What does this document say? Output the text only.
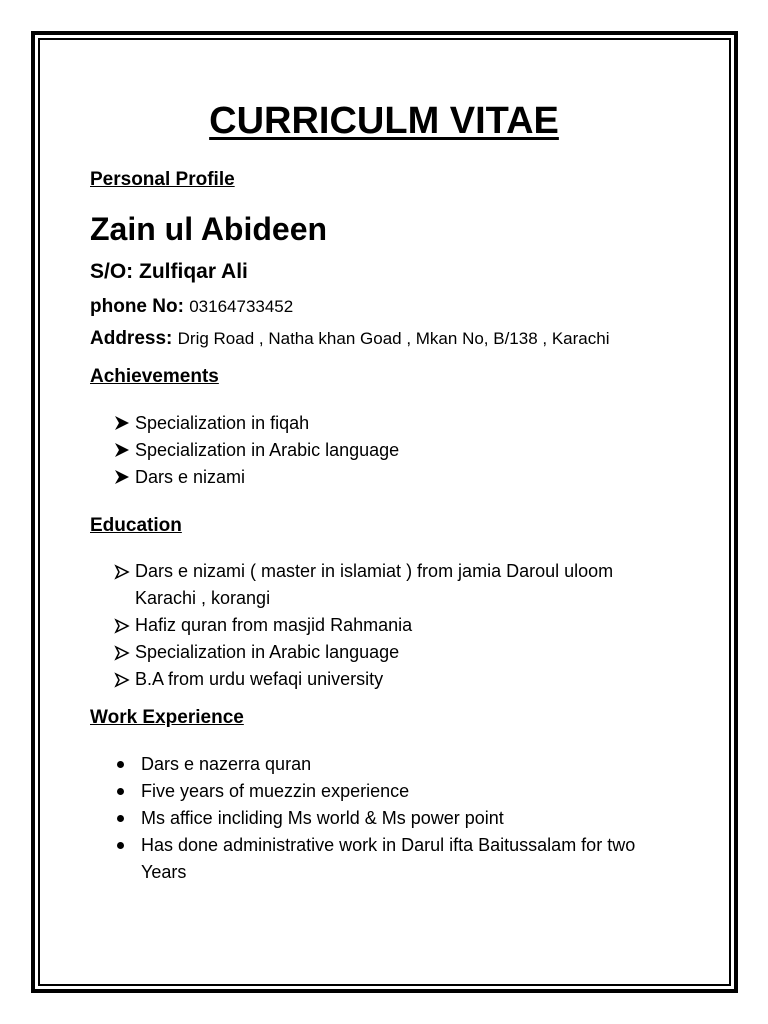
CURRICULM VITAE
Personal Profile
Zain ul Abideen
S/O: Zulfiqar Ali
phone No: 03164733452
Address: Drig Road , Natha khan Goad , Mkan No, B/138 , Karachi
Achievements
Specialization in fiqah
Specialization in Arabic language
Dars e nizami
Education
Dars e nizami ( master in islamiat ) from jamia Daroul uloom
Karachi , korangi
Hafiz quran from masjid Rahmania
Specialization in Arabic language
B.A from urdu wefaqi university
Work Experience
Dars e nazerra quran
Five years of muezzin experience
Ms affice incliding Ms world & Ms power point
Has done administrative work in Darul ifta Baitussalam for two
Years
